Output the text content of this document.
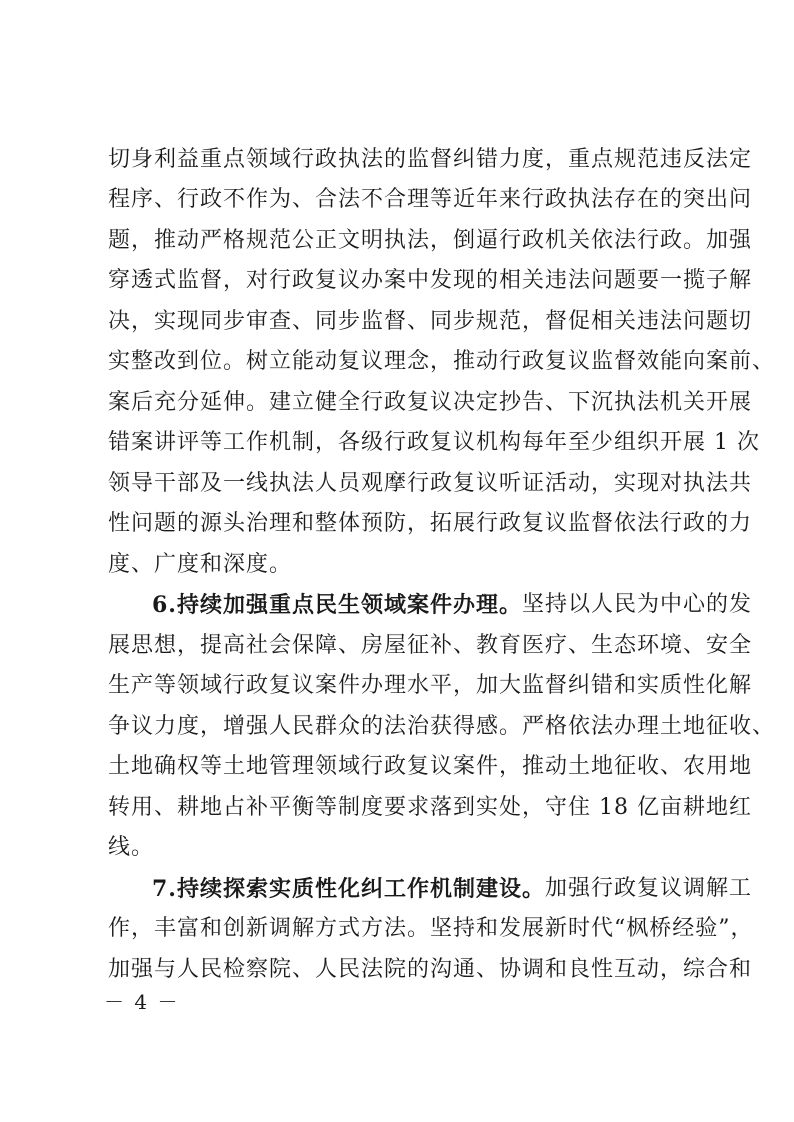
切身利益重点领域行政执法的监督纠错力度，重点规范违反法定
程序、行政不作为、合法不合理等近年来行政执法存在的突出问
题，推动严格规范公正文明执法，倒逼行政机关依法行政。加强
穿透式监督，对行政复议办案中发现的相关违法问题要一揽子解
决，实现同步审查、同步监督、同步规范，督促相关违法问题切
实整改到位。树立能动复议理念，推动行政复议监督效能向案前、
案后充分延伸。建立健全行政复议决定抄告、下沉执法机关开展
错案讲评等工作机制，各级行政复议机构每年至少组织开展 1 次
领导干部及一线执法人员观摩行政复议听证活动，实现对执法共
性问题的源头治理和整体预防，拓展行政复议监督依法行政的力
度、广度和深度。
6.持续加强重点民生领域案件办理。 坚持以人民为中心的发
展思想，提高社会保障、房屋征补、教育医疗、生态环境、安全
生产等领域行政复议案件办理水平，加大监督纠错和实质性化解
争议力度，增强人民群众的法治获得感。严格依法办理土地征收、
土地确权等土地管理领域行政复议案件，推动土地征收、农用地
转用、耕地占补平衡等制度要求落到实处，守住 18 亿亩耕地红
线。
7.持续探索实质性化纠工作机制建设。 加强行政复议调解工
作，丰富和创新调解方式方法。坚持和发展新时代“枫桥经验”，
加强与人民检察院、人民法院的沟通、协调和良性互动，综合和
－ 4 －
